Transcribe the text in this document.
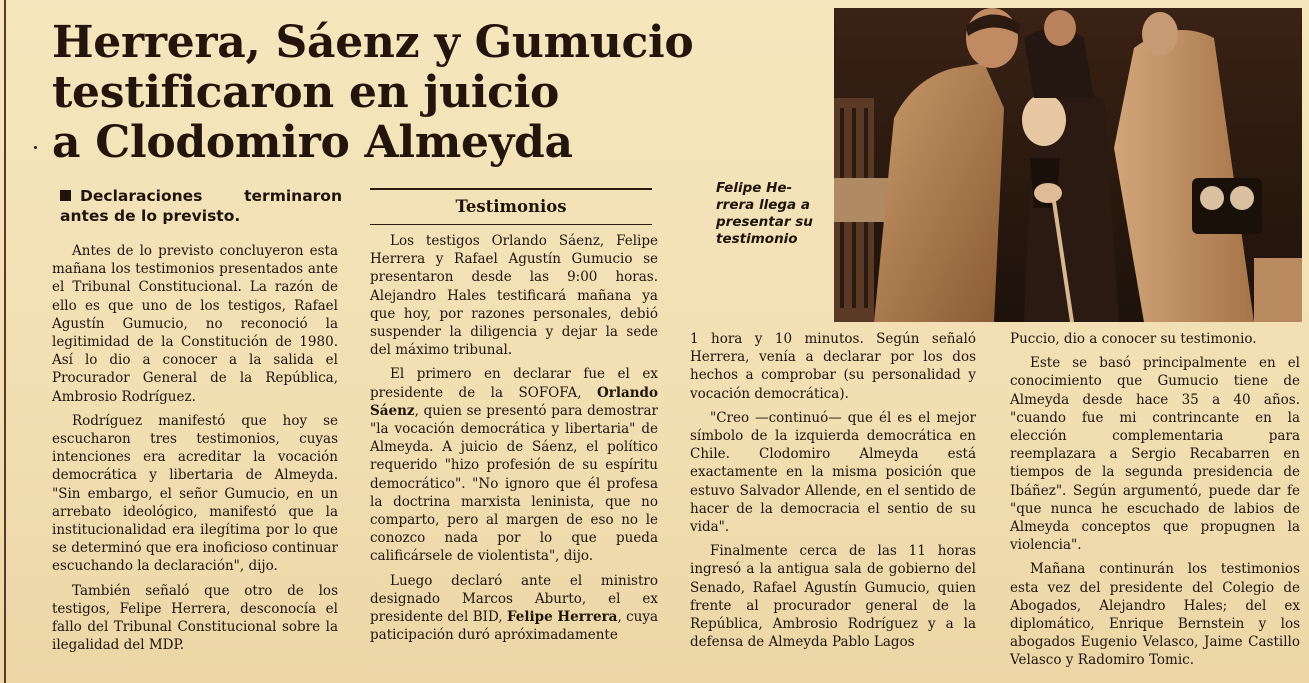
Herrera, Sáenz y Gumucio
testificaron en juicio
a Clodomiro Almeyda
Declaraciones terminaron antes de lo previsto.

Antes de lo previsto concluyeron esta mañana los testimonios presentados ante el Tribunal Constitucional. La razón de ello es que uno de los testigos, Rafael Agustín Gumucio, no reconoció la legitimidad de la Constitución de 1980. Así lo dio a conocer a la salida el Procurador General de la República, Ambrosio Rodríguez.

Rodríguez manifestó que hoy se escucharon tres testimonios, cuyas intenciones era acreditar la vocación democrática y libertaria de Almeyda. "Sin embargo, el señor Gumucio, en un arrebato ideológico, manifestó que la institucionalidad era ilegítima por lo que se determinó que era inoficioso continuar escuchando la declaración", dijo.

También señaló que otro de los testigos, Felipe Herrera, desconocía el fallo del Tribunal Constitucional sobre la ilegalidad del MDP.

Testimonios

Los testigos Orlando Sáenz, Felipe Herrera y Rafael Agustín Gumucio se presentaron desde las 9:00 horas. Alejandro Hales testificará mañana ya que hoy, por razones personales, debió suspender la diligencia y dejar la sede del máximo tribunal.

El primero en declarar fue el ex presidente de la SOFOFA, Orlando Sáenz, quien se presentó para demostrar "la vocación democrática y libertaria" de Almeyda. A juicio de Sáenz, el político requerido "hizo profesión de su espíritu democrático". "No ignoro que él profesa la doctrina marxista leninista, que no comparto, pero al margen de eso no le conozco nada por lo que pueda calificársele de violentista", dijo.

Luego declaró ante el ministro designado Marcos Aburto, el ex presidente del BID, Felipe Herrera, cuya paticipación duró apróximadamente

Felipe He-
rrera llega a
presentar su
testimonio

1 hora y 10 minutos. Según señaló Herrera, venía a declarar por los dos hechos a comprobar (su personalidad y vocación democrática).

"Creo —continuó— que él es el mejor símbolo de la izquierda democrática en Chile. Clodomiro Almeyda está exactamente en la misma posición que estuvo Salvador Allende, en el sentido de hacer de la democracia el sentio de su vida".

Finalmente cerca de las 11 horas ingresó a la antigua sala de gobierno del Senado, Rafael Agustín Gumucio, quien frente al procurador general de la República, Ambrosio Rodríguez y a la defensa de Almeyda Pablo Lagos

Puccio, dio a conocer su testimonio.

Este se basó principalmente en el conocimiento que Gumucio tiene de Almeyda desde hace 35 a 40 años. "cuando fue mi contrincante en la elección complementaria para reemplazara a Sergio Recabarren en tiempos de la segunda presidencia de Ibáñez". Según argumentó, puede dar fe "que nunca he escuchado de labios de Almeyda conceptos que propugnen la violencia".

Mañana continurán los testimonios esta vez del presidente del Colegio de Abogados, Alejandro Hales; del ex diplomático, Enrique Bernstein y los abogados Eugenio Velasco, Jaime Castillo Velasco y Radomiro Tomic.
